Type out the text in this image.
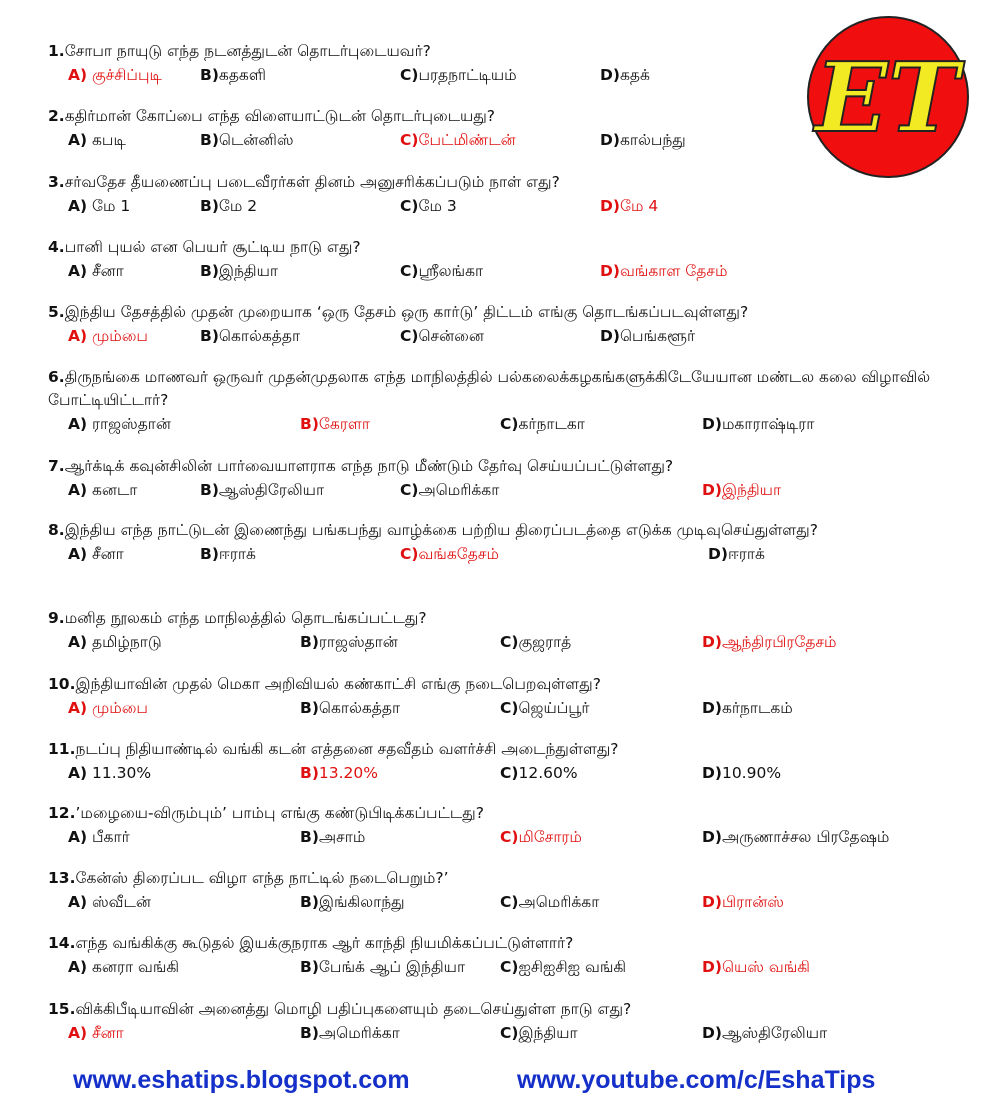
ET
1.சோபா நாயுடு எந்த நடனத்துடன் தொடர்புடையவர்?
A) குச்சிப்புடி B)கதகளி	C)பரதநாட்டியம்	D)கதக்
2.கதிர்மான் கோப்பை எந்த விளையாட்டுடன் தொடர்புடையது?
A) கபடி	B)டென்னிஸ்	C)பேட்மிண்டன்	D)கால்பந்து
3.சர்வதேச தீயணைப்பு படைவீரர்கள் தினம் அனுசரிக்கப்படும் நாள் எது?
A) மே 1	B)மே 2	C)மே 3	D)மே 4
4.பானி புயல் என பெயர் சூட்டிய நாடு எது?
A) சீனா	B)இந்தியா	C)ஸ்ரீலங்கா	D)வங்காள தேசம்
5.இந்திய தேசத்தில் முதன் முறையாக ‘ஒரு தேசம் ஒரு கார்டு’ திட்டம் எங்கு தொடங்கப்படவுள்ளது?
A) மும்பை	B)கொல்கத்தா	C)சென்னை	D)பெங்களூர்
6.திருநங்கை மாணவர் ஒருவர் முதன்முதலாக எந்த மாநிலத்தில் பல்கலைக்கழகங்களுக்கிடேயேயான மண்டல கலை விழாவில் போட்டியிட்டார்?
A) ராஜஸ்தான்	B)கேரளா	C)கர்நாடகா	D)மகாராஷ்டிரா
7.ஆர்க்டிக் கவுன்சிலின் பார்வையாளராக எந்த நாடு மீண்டும் தேர்வு செய்யப்பட்டுள்ளது?
A) கனடா	B)ஆஸ்திரேலியா	C)அமெரிக்கா	D)இந்தியா
8.இந்திய எந்த நாட்டுடன் இணைந்து பங்கபந்து வாழ்க்கை பற்றிய திரைப்படத்தை எடுக்க முடிவுசெய்துள்ளது?
A) சீனா	B)ஈராக்	C)வங்கதேசம்	D)ஈராக்
9.மனித நூலகம் எந்த மாநிலத்தில் தொடங்கப்பட்டது?
A) தமிழ்நாடு	B)ராஜஸ்தான்	C)குஜராத்	D)ஆந்திரபிரதேசம்
10.இந்தியாவின் முதல் மெகா அறிவியல் கண்காட்சி எங்கு நடைபெறவுள்ளது?
A) மும்பை	B)கொல்கத்தா	C)ஜெய்ப்பூர்	D)கர்நாடகம்
11.நடப்பு நிதியாண்டில் வங்கி கடன் எத்தனை சதவீதம் வளர்ச்சி அடைந்துள்ளது?
A) 11.30%	B)13.20%	C)12.60%	D)10.90%
12.’மழையை-விரும்பும்’ பாம்பு எங்கு கண்டுபிடிக்கப்பட்டது?
A) பீகார்	B)அசாம்	C)மிசோரம்	D)அருணாச்சல பிரதேஷம்
13.கேன்ஸ் திரைப்பட விழா எந்த நாட்டில் நடைபெறும்?’
A) ஸ்வீடன்	B)இங்கிலாந்து	C)அமெரிக்கா	D)பிரான்ஸ்
14.எந்த வங்கிக்கு கூடுதல் இயக்குநராக ஆர் காந்தி நியமிக்கப்பட்டுள்ளார்?
A) கனரா வங்கி	B)பேங்க் ஆப் இந்தியா C)ஐசிஐசிஐ வங்கி	D)யெஸ் வங்கி
15.விக்கிபீடியாவின் அனைத்து மொழி பதிப்புகளையும் தடைசெய்துள்ள நாடு எது?
A) சீனா	B)அமெரிக்கா	C)இந்தியா	D)ஆஸ்திரேலியா
www.eshatips.blogspot.com	www.youtube.com/c/EshaTips
